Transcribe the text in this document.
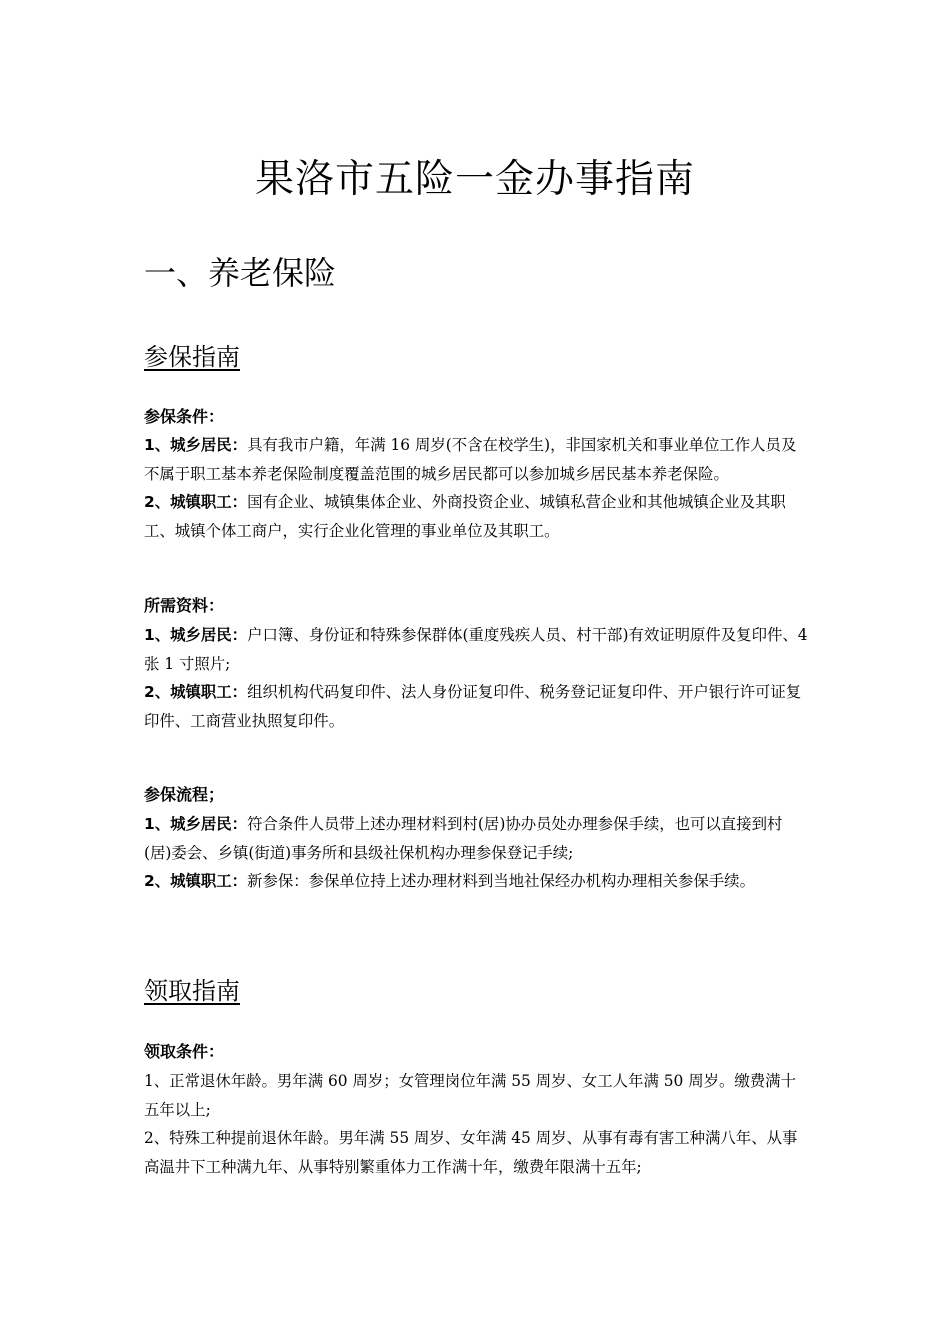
果洛市五险一金办事指南
一、养老保险
参保指南
参保条件：

1、城乡居民：具有我市户籍，年满 16 周岁(不含在校学生)，非国家机关和事业单位工作人员及不属于职工基本养老保险制度覆盖范围的城乡居民都可以参加城乡居民基本养老保险。

2、城镇职工：国有企业、城镇集体企业、外商投资企业、城镇私营企业和其他城镇企业及其职工、城镇个体工商户，实行企业化管理的事业单位及其职工。

所需资料：

1、城乡居民：户口簿、身份证和特殊参保群体(重度残疾人员、村干部)有效证明原件及复印件、4 张 1 寸照片;

2、城镇职工：组织机构代码复印件、法人身份证复印件、税务登记证复印件、开户银行许可证复印件、工商营业执照复印件。

参保流程；

1、城乡居民：符合条件人员带上述办理材料到村(居)协办员处办理参保手续，也可以直接到村(居)委会、乡镇(街道)事务所和县级社保机构办理参保登记手续;

2、城镇职工：新参保：参保单位持上述办理材料到当地社保经办机构办理相关参保手续。

领取指南
领取条件：

1、正常退休年龄。男年满 60 周岁；女管理岗位年满 55 周岁、女工人年满 50 周岁。缴费满十五年以上;

2、特殊工种提前退休年龄。男年满 55 周岁、女年满 45 周岁、从事有毒有害工种满八年、从事高温井下工种满九年、从事特别繁重体力工作满十年，缴费年限满十五年;
